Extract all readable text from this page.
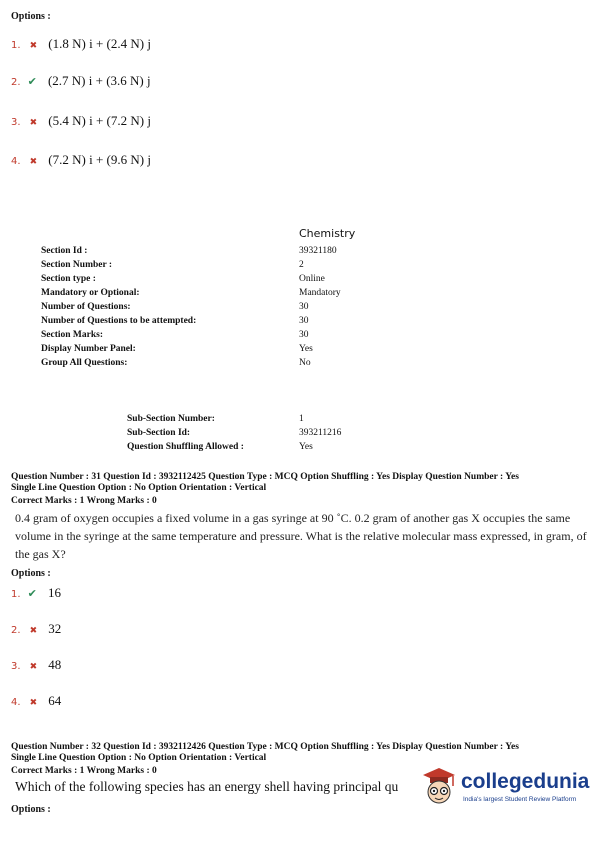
Options :
1. ✖ (1.8 N) i + (2.4 N) j
2. ✔ (2.7 N) i + (3.6 N) j
3. ✖ (5.4 N) i + (7.2 N) j
4. ✖ (7.2 N) i + (9.6 N) j
Chemistry
Section Id :	39321180
Section Number :	2
Section type :	Online
Mandatory or Optional:	Mandatory
Number of Questions:	30
Number of Questions to be attempted:	30
Section Marks:	30
Display Number Panel:	Yes
Group All Questions:	No
Sub-Section Number:	1
Sub-Section Id:	393211216
Question Shuffling Allowed :	Yes
Question Number : 31 Question Id : 3932112425 Question Type : MCQ Option Shuffling : Yes Display Question Number : Yes
Single Line Question Option : No Option Orientation : Vertical
Correct Marks : 1 Wrong Marks : 0
0.4 gram of oxygen occupies a fixed volume in a gas syringe at 90 ˚C. 0.2 gram of another gas X occupies the same
volume in the syringe at the same temperature and pressure. What is the relative molecular mass expressed, in gram, of
the gas X?
Options :
1. ✔ 16
2. ✖ 32
3. ✖ 48
4. ✖ 64
Question Number : 32 Question Id : 3932112426 Question Type : MCQ Option Shuffling : Yes Display Question Number : Yes
Single Line Question Option : No Option Orientation : Vertical
Correct Marks : 1 Wrong Marks : 0
Which of the following species has an energy shell having principal qu
Options :
collegedunia
India's largest Student Review Platform
